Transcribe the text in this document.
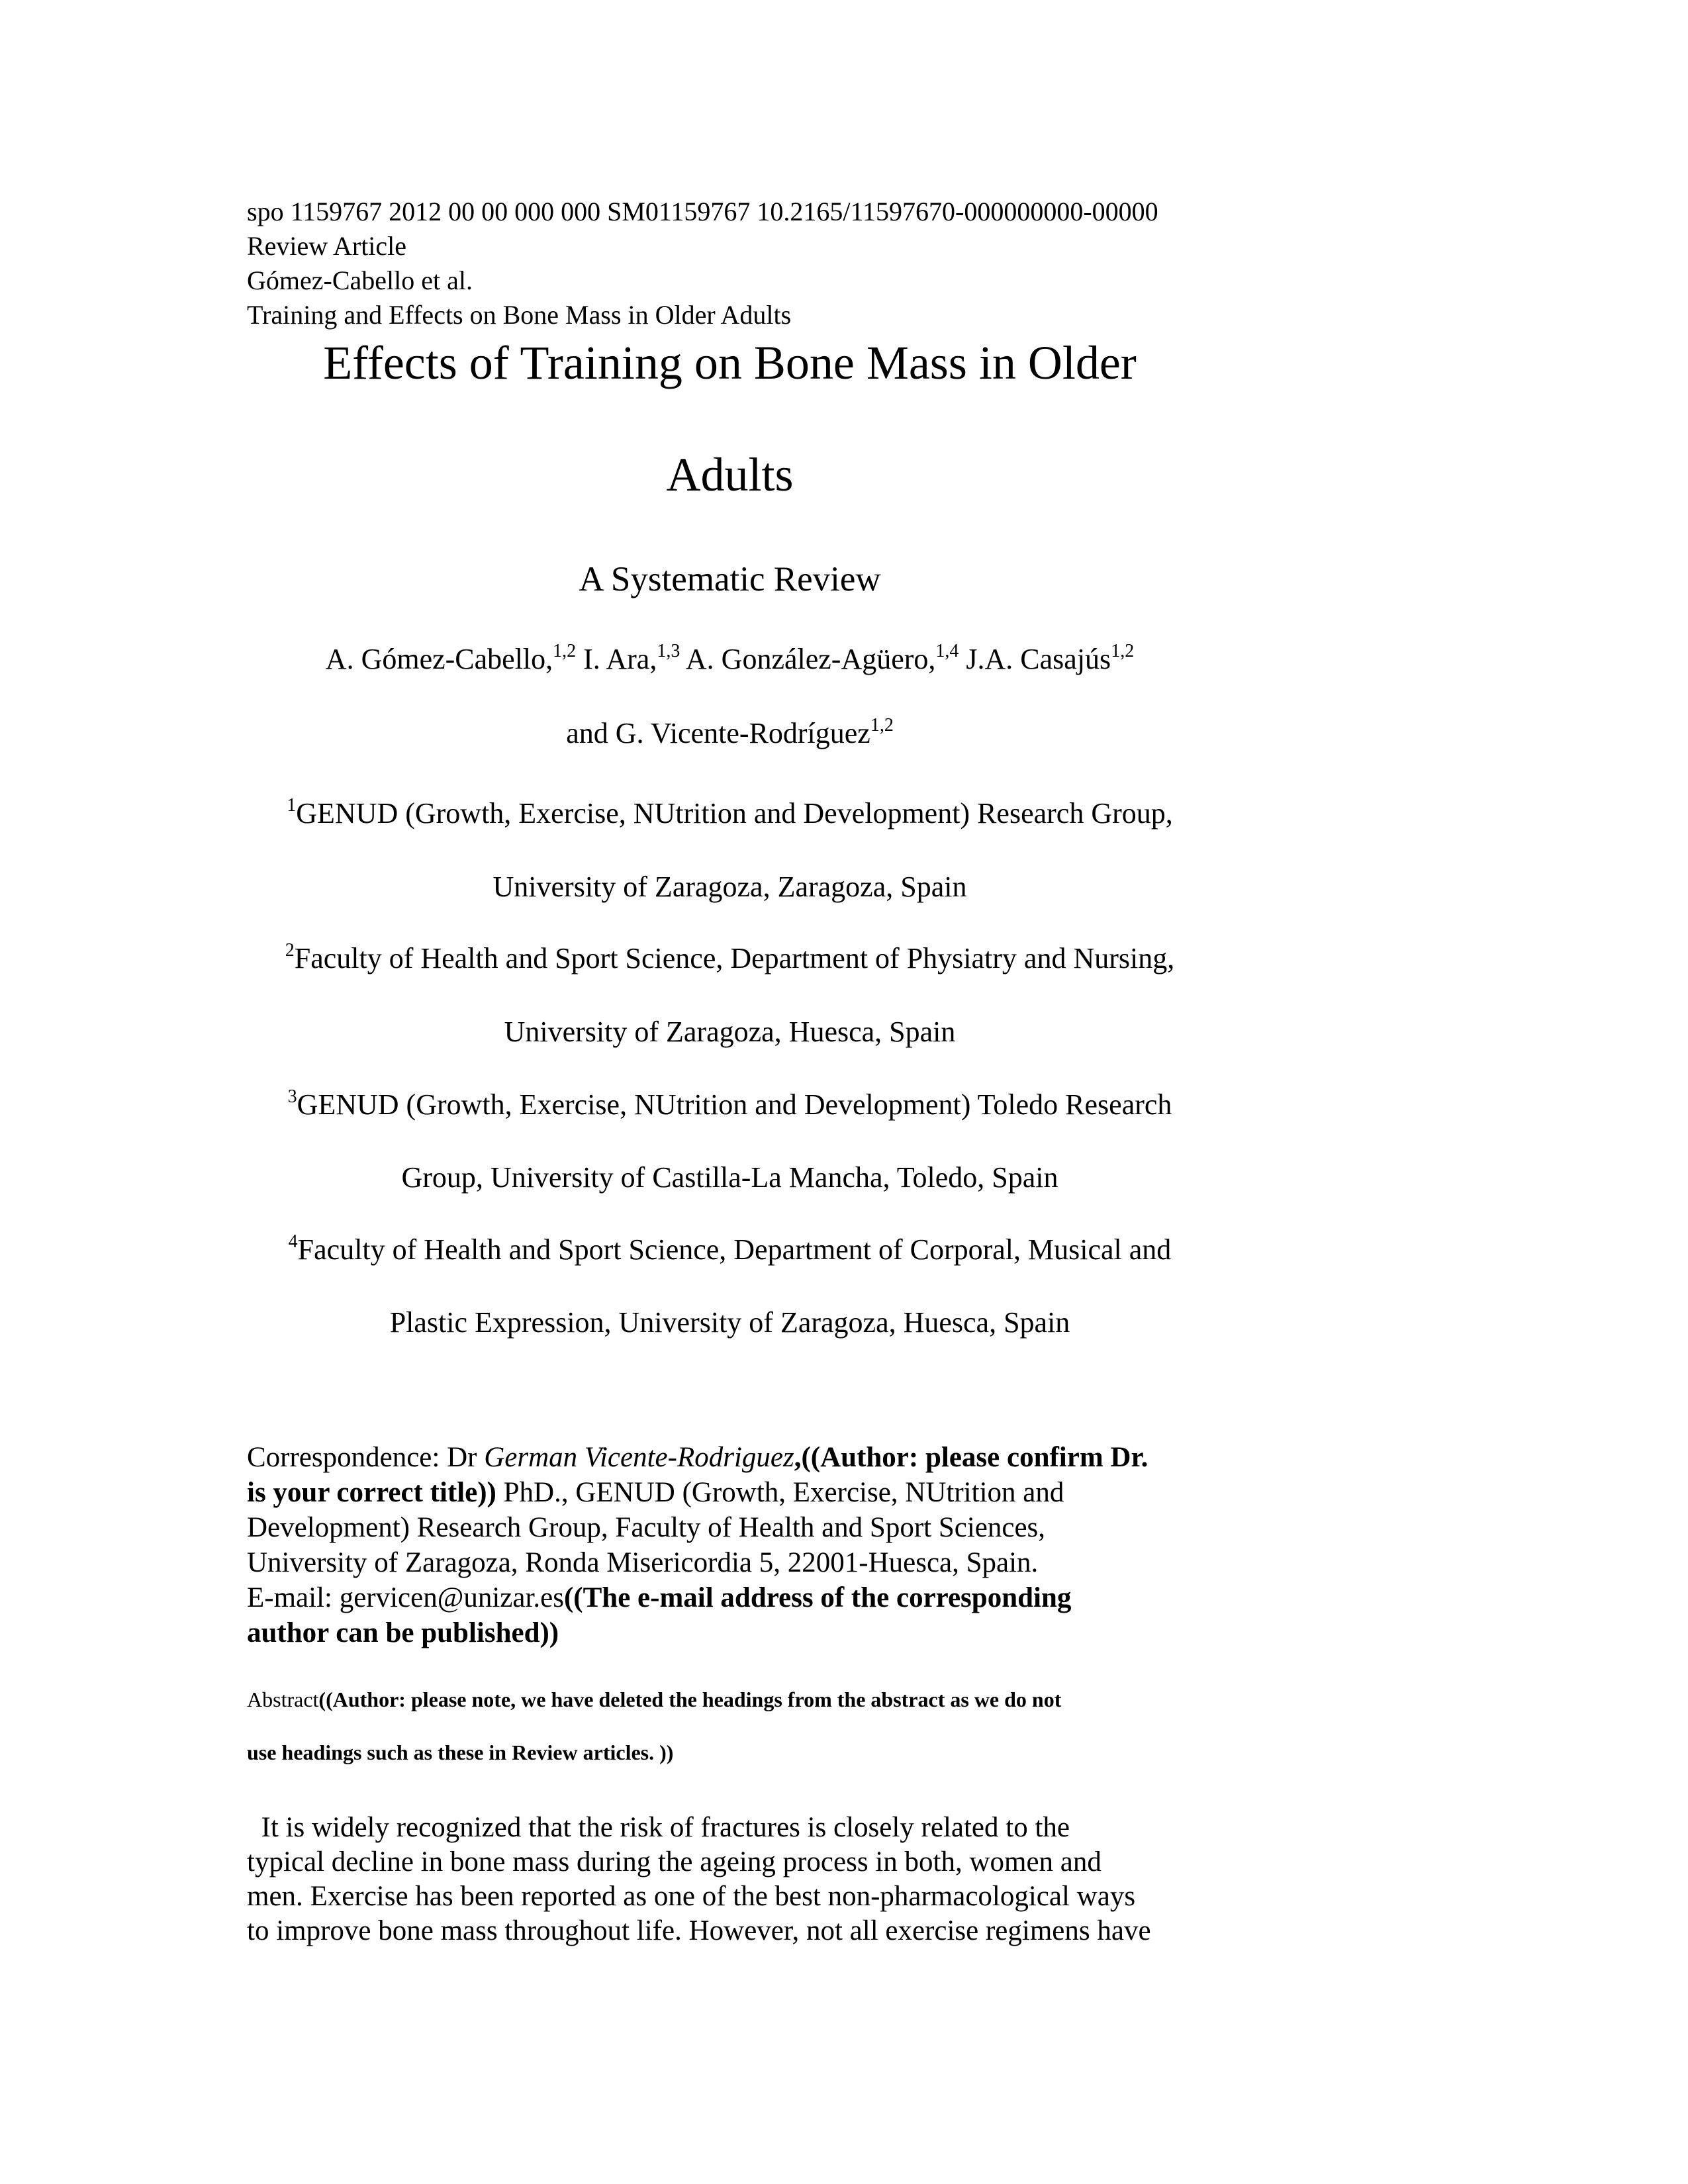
spo 1159767 2012 00 00 000 000 SM01159767 10.2165/11597670-000000000-00000
Review Article
Gómez-Cabello et al.
Training and Effects on Bone Mass in Older Adults
Effects of Training on Bone Mass in Older
Adults
A Systematic Review
A. Gómez-Cabello,$^{1,2}$ I. Ara,$^{1,3}$ A. González-Agüero,$^{1,4}$ J.A. Casajús$^{1,2}$
and G. Vicente-Rodríguez$^{1,2}$
$^1$GENUD (Growth, Exercise, NUtrition and Development) Research Group,
University of Zaragoza, Zaragoza, Spain
$^2$Faculty of Health and Sport Science, Department of Physiatry and Nursing,
University of Zaragoza, Huesca, Spain
$^3$GENUD (Growth, Exercise, NUtrition and Development) Toledo Research
Group, University of Castilla-La Mancha, Toledo, Spain
$^4$Faculty of Health and Sport Science, Department of Corporal, Musical and
Plastic Expression, University of Zaragoza, Huesca, Spain
Correspondence: Dr German Vicente-Rodriguez,((Author: please confirm Dr.
is your correct title)) PhD., GENUD (Growth, Exercise, NUtrition and
Development) Research Group, Faculty of Health and Sport Sciences,
University of Zaragoza, Ronda Misericordia 5, 22001-Huesca, Spain.
E-mail: gervicen@unizar.es((The e-mail address of the corresponding
author can be published))
Abstract((Author: please note, we have deleted the headings from the abstract as we do not
use headings such as these in Review articles. ))
It is widely recognized that the risk of fractures is closely related to the
typical decline in bone mass during the ageing process in both, women and
men. Exercise has been reported as one of the best non-pharmacological ways
to improve bone mass throughout life. However, not all exercise regimens have
